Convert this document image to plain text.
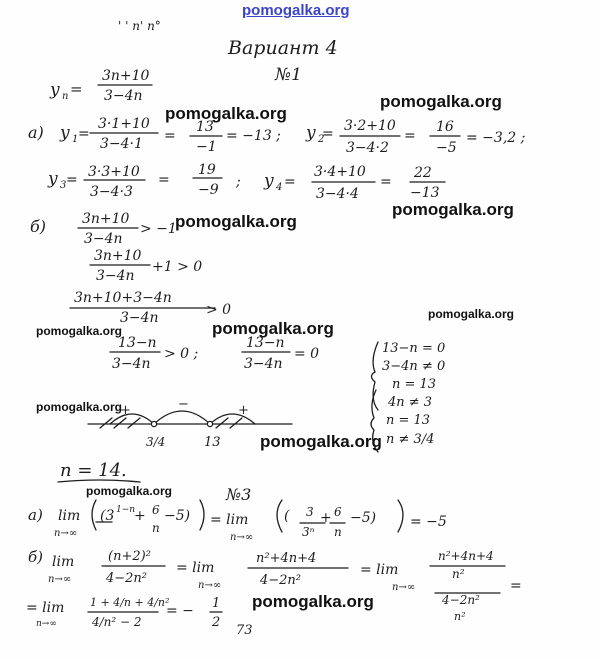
pomogalka.org
pomogalka.org
pomogalka.org
pomogalka.org
pomogalka.org
pomogalka.org
pomogalka.org	pomogalka.org
pomogalka.org
pomogalka.org
pomogalka.org
pomogalka.org
' ' n' n°
Вариант 4
№1
y n =
3n+10
3−4n
а) y 1 =
3·1+10
3−4·1 =
13
−1
= −13 ; y 2
= 3·2+10
3−4·2
=
16
−5
= −3,2 ;
y 3 = 3·3+10
3−4·3
=
19
−9 ; y 4 =
3·4+10
3−4·4
=
22
−13
б)	3n+10
3−4n
> −1
3n+10
3−4n
+1 > 0
3n+10+3−4n
3−4n	> 0
13−n
3−4n
> 0 ;
13−n
3−4n
= 0	13−n = 0
3−4n ≠ 0
n = 13
4n ≠ 3
n = 13
n ≠ 3/4
+	−	+
3/4	13
n = 14.
№3
а) lim
n→∞
(3 1−n
+ 6
n
−5) = lim
n→∞
( 3
3ⁿ
+ 6
n
−5) = −5
б) lim
n→∞
(n+2)²
4−2n²
= lim
n→∞
n²+4n+4
4−2n²
= lim
n→∞
n²+4n+4
n²
4−2n²
n²
=
= lim
n→∞
1 + 4/n + 4/n²
4/n² − 2
= − 1
2
73
